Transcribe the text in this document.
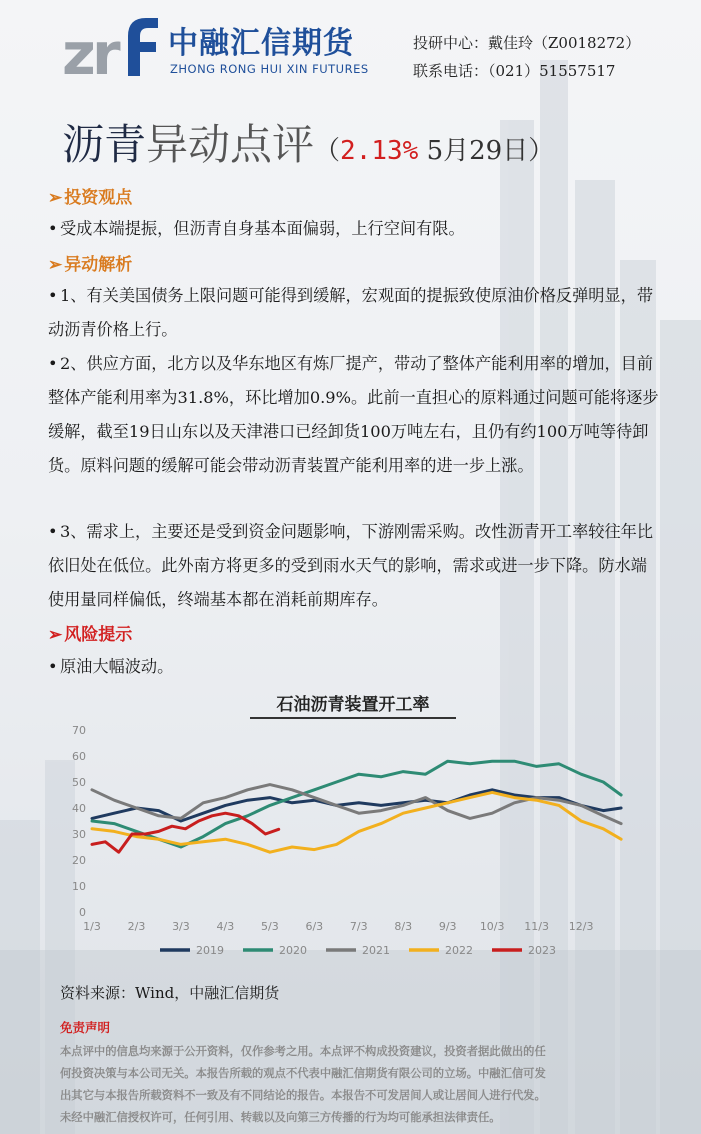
z
r 中融汇信期货
ZHONG RONG HUI XIN FUTURES
投研中心：戴佳玲（Z0018272）
联系电话：（021）51557517
沥青异动点评（2.13% 5月29日）
➢ 投资观点
• 受成本端提振，但沥青自身基本面偏弱，上行空间有限。
➢ 异动解析
• 1、有关美国债务上限问题可能得到缓解，宏观面的提振致使原油价格反弹明显，带动沥青价格上行。
• 2、供应方面，北方以及华东地区有炼厂提产，带动了整体产能利用率的增加，目前整体产能利用率为31.8%，环比增加0.9%。此前一直担心的原料通过问题可能将逐步缓解，截至19日山东以及天津港口已经卸货100万吨左右，且仍有约100万吨等待卸货。原料问题的缓解可能会带动沥青装置产能利用率的进一步上涨。
• 3、需求上，主要还是受到资金问题影响，下游刚需采购。改性沥青开工率较往年比依旧处在低位。此外南方将更多的受到雨水天气的影响，需求或进一步下降。防水端使用量同样偏低，终端基本都在消耗前期库存。
➢ 风险提示
• 原油大幅波动。
石油沥青装置开工率
0
10
20
30
40
50
60
70
1/3 2/3 3/3 4/3 5/3 6/3 7/3 8/3 9/3 10/3 11/3 12/3
2019	2020	2021	2022	2023
资料来源：Wind，中融汇信期货
免责声明
本点评中的信息均来源于公开资料，仅作参考之用。本点评不构成投资建议，投资者据此做出的任
何投资决策与本公司无关。本报告所载的观点不代表中融汇信期货有限公司的立场。中融汇信可发
出其它与本报告所载资料不一致及有不同结论的报告。本报告不可发居间人或让居间人进行代发。
未经中融汇信授权许可，任何引用、转载以及向第三方传播的行为均可能承担法律责任。
